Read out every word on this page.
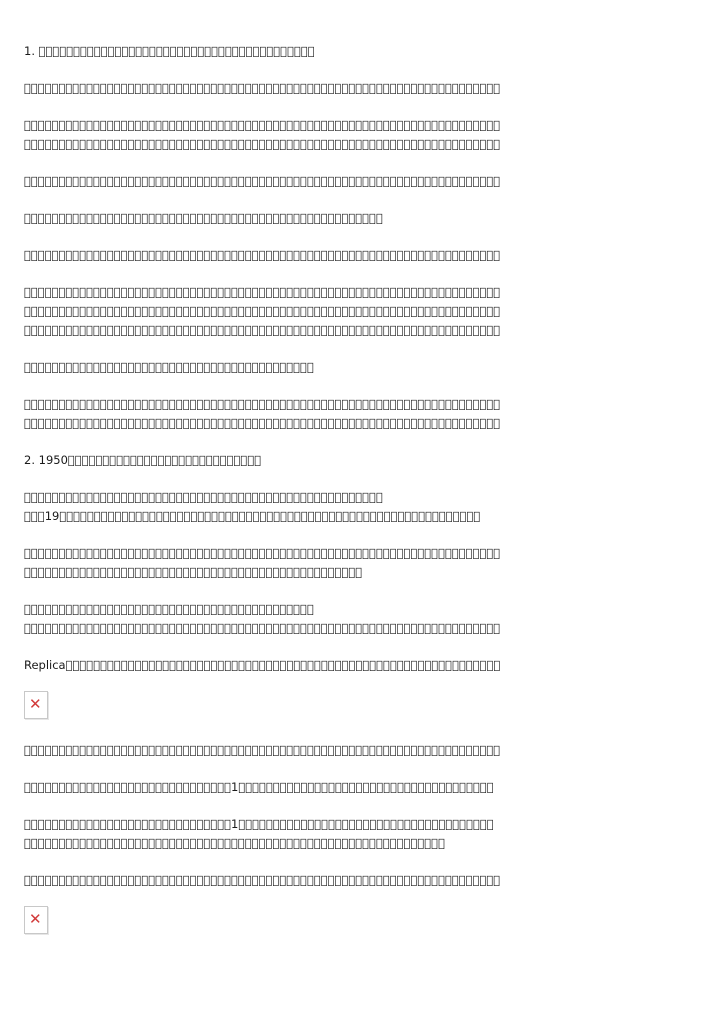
1. 􏿾􏿾􏿾􏿾􏿾􏿾􏿾􏿾􏿾􏿾􏿾􏿾􏿾􏿾􏿾􏿾􏿾􏿾􏿾􏿾􏿾􏿾􏿾􏿾􏿾􏿾􏿾􏿾􏿾􏿾􏿾􏿾􏿾􏿾􏿾􏿾􏿾􏿾􏿾􏿾
􏿾􏿾􏿾􏿾􏿾􏿾􏿾􏿾􏿾􏿾􏿾􏿾􏿾􏿾􏿾􏿾􏿾􏿾􏿾􏿾􏿾􏿾􏿾􏿾􏿾􏿾􏿾􏿾􏿾􏿾􏿾􏿾􏿾􏿾􏿾􏿾􏿾􏿾􏿾􏿾􏿾􏿾􏿾􏿾􏿾􏿾􏿾􏿾􏿾􏿾􏿾􏿾􏿾􏿾􏿾􏿾􏿾􏿾􏿾􏿾􏿾􏿾􏿾􏿾􏿾􏿾􏿾􏿾􏿾
􏿾􏿾􏿾􏿾􏿾􏿾􏿾􏿾􏿾􏿾􏿾􏿾􏿾􏿾􏿾􏿾􏿾􏿾􏿾􏿾􏿾􏿾􏿾􏿾􏿾􏿾􏿾􏿾􏿾􏿾􏿾􏿾􏿾􏿾􏿾􏿾􏿾􏿾􏿾􏿾􏿾􏿾􏿾􏿾􏿾􏿾􏿾􏿾􏿾􏿾􏿾􏿾􏿾􏿾􏿾􏿾􏿾􏿾􏿾􏿾􏿾􏿾􏿾􏿾􏿾􏿾􏿾􏿾􏿾
􏿾􏿾􏿾􏿾􏿾􏿾􏿾􏿾􏿾􏿾􏿾􏿾􏿾􏿾􏿾􏿾􏿾􏿾􏿾􏿾􏿾􏿾􏿾􏿾􏿾􏿾􏿾􏿾􏿾􏿾􏿾􏿾􏿾􏿾􏿾􏿾􏿾􏿾􏿾􏿾􏿾􏿾􏿾􏿾􏿾􏿾􏿾􏿾􏿾􏿾􏿾􏿾􏿾􏿾􏿾􏿾􏿾􏿾􏿾􏿾􏿾􏿾􏿾􏿾􏿾􏿾􏿾􏿾􏿾
􏿾􏿾􏿾􏿾􏿾􏿾􏿾􏿾􏿾􏿾􏿾􏿾􏿾􏿾􏿾􏿾􏿾􏿾􏿾􏿾􏿾􏿾􏿾􏿾􏿾􏿾􏿾􏿾􏿾􏿾􏿾􏿾􏿾􏿾􏿾􏿾􏿾􏿾􏿾􏿾􏿾􏿾􏿾􏿾􏿾􏿾􏿾􏿾􏿾􏿾􏿾􏿾􏿾􏿾􏿾􏿾􏿾􏿾􏿾􏿾􏿾􏿾􏿾􏿾􏿾􏿾􏿾􏿾􏿾
􏿾􏿾􏿾􏿾􏿾􏿾􏿾􏿾􏿾􏿾􏿾􏿾􏿾􏿾􏿾􏿾􏿾􏿾􏿾􏿾􏿾􏿾􏿾􏿾􏿾􏿾􏿾􏿾􏿾􏿾􏿾􏿾􏿾􏿾􏿾􏿾􏿾􏿾􏿾􏿾􏿾􏿾􏿾􏿾􏿾􏿾􏿾􏿾􏿾􏿾􏿾􏿾
􏿾􏿾􏿾􏿾􏿾􏿾􏿾􏿾􏿾􏿾􏿾􏿾􏿾􏿾􏿾􏿾􏿾􏿾􏿾􏿾􏿾􏿾􏿾􏿾􏿾􏿾􏿾􏿾􏿾􏿾􏿾􏿾􏿾􏿾􏿾􏿾􏿾􏿾􏿾􏿾􏿾􏿾􏿾􏿾􏿾􏿾􏿾􏿾􏿾􏿾􏿾􏿾􏿾􏿾􏿾􏿾􏿾􏿾􏿾􏿾􏿾􏿾􏿾􏿾􏿾􏿾􏿾􏿾􏿾
􏿾􏿾􏿾􏿾􏿾􏿾􏿾􏿾􏿾􏿾􏿾􏿾􏿾􏿾􏿾􏿾􏿾􏿾􏿾􏿾􏿾􏿾􏿾􏿾􏿾􏿾􏿾􏿾􏿾􏿾􏿾􏿾􏿾􏿾􏿾􏿾􏿾􏿾􏿾􏿾􏿾􏿾􏿾􏿾􏿾􏿾􏿾􏿾􏿾􏿾􏿾􏿾􏿾􏿾􏿾􏿾􏿾􏿾􏿾􏿾􏿾􏿾􏿾􏿾􏿾􏿾􏿾􏿾􏿾
􏿾􏿾􏿾􏿾􏿾􏿾􏿾􏿾􏿾􏿾􏿾􏿾􏿾􏿾􏿾􏿾􏿾􏿾􏿾􏿾􏿾􏿾􏿾􏿾􏿾􏿾􏿾􏿾􏿾􏿾􏿾􏿾􏿾􏿾􏿾􏿾􏿾􏿾􏿾􏿾􏿾􏿾􏿾􏿾􏿾􏿾􏿾􏿾􏿾􏿾􏿾􏿾􏿾􏿾􏿾􏿾􏿾􏿾􏿾􏿾􏿾􏿾􏿾􏿾􏿾􏿾􏿾􏿾􏿾
􏿾􏿾􏿾􏿾􏿾􏿾􏿾􏿾􏿾􏿾􏿾􏿾􏿾􏿾􏿾􏿾􏿾􏿾􏿾􏿾􏿾􏿾􏿾􏿾􏿾􏿾􏿾􏿾􏿾􏿾􏿾􏿾􏿾􏿾􏿾􏿾􏿾􏿾􏿾􏿾􏿾􏿾􏿾􏿾􏿾􏿾􏿾􏿾􏿾􏿾􏿾􏿾􏿾􏿾􏿾􏿾􏿾􏿾􏿾􏿾􏿾􏿾􏿾􏿾􏿾􏿾􏿾􏿾􏿾
􏿾􏿾􏿾􏿾􏿾􏿾􏿾􏿾􏿾􏿾􏿾􏿾􏿾􏿾􏿾􏿾􏿾􏿾􏿾􏿾􏿾􏿾􏿾􏿾􏿾􏿾􏿾􏿾􏿾􏿾􏿾􏿾􏿾􏿾􏿾􏿾􏿾􏿾􏿾􏿾􏿾􏿾
􏿾􏿾􏿾􏿾􏿾􏿾􏿾􏿾􏿾􏿾􏿾􏿾􏿾􏿾􏿾􏿾􏿾􏿾􏿾􏿾􏿾􏿾􏿾􏿾􏿾􏿾􏿾􏿾􏿾􏿾􏿾􏿾􏿾􏿾􏿾􏿾􏿾􏿾􏿾􏿾􏿾􏿾􏿾􏿾􏿾􏿾􏿾􏿾􏿾􏿾􏿾􏿾􏿾􏿾􏿾􏿾􏿾􏿾􏿾􏿾􏿾􏿾􏿾􏿾􏿾􏿾􏿾􏿾􏿾
􏿾􏿾􏿾􏿾􏿾􏿾􏿾􏿾􏿾􏿾􏿾􏿾􏿾􏿾􏿾􏿾􏿾􏿾􏿾􏿾􏿾􏿾􏿾􏿾􏿾􏿾􏿾􏿾􏿾􏿾􏿾􏿾􏿾􏿾􏿾􏿾􏿾􏿾􏿾􏿾􏿾􏿾􏿾􏿾􏿾􏿾􏿾􏿾􏿾􏿾􏿾􏿾􏿾􏿾􏿾􏿾􏿾􏿾􏿾􏿾􏿾􏿾􏿾􏿾􏿾􏿾􏿾􏿾􏿾
2. 1950􏿾􏿾􏿾􏿾􏿾􏿾􏿾􏿾􏿾􏿾􏿾􏿾􏿾􏿾􏿾􏿾􏿾􏿾􏿾􏿾􏿾􏿾􏿾􏿾􏿾􏿾􏿾􏿾
􏿾􏿾􏿾􏿾􏿾􏿾􏿾􏿾􏿾􏿾􏿾􏿾􏿾􏿾􏿾􏿾􏿾􏿾􏿾􏿾􏿾􏿾􏿾􏿾􏿾􏿾􏿾􏿾􏿾􏿾􏿾􏿾􏿾􏿾􏿾􏿾􏿾􏿾􏿾􏿾􏿾􏿾􏿾􏿾􏿾􏿾􏿾􏿾􏿾􏿾􏿾􏿾
􏿾􏿾􏿾19􏿾􏿾􏿾􏿾􏿾􏿾􏿾􏿾􏿾􏿾􏿾􏿾􏿾􏿾􏿾􏿾􏿾􏿾􏿾􏿾􏿾􏿾􏿾􏿾􏿾􏿾􏿾􏿾􏿾􏿾􏿾􏿾􏿾􏿾􏿾􏿾􏿾􏿾􏿾􏿾􏿾􏿾􏿾􏿾􏿾􏿾􏿾􏿾􏿾􏿾􏿾􏿾􏿾􏿾􏿾􏿾􏿾􏿾􏿾􏿾􏿾
􏿾􏿾􏿾􏿾􏿾􏿾􏿾􏿾􏿾􏿾􏿾􏿾􏿾􏿾􏿾􏿾􏿾􏿾􏿾􏿾􏿾􏿾􏿾􏿾􏿾􏿾􏿾􏿾􏿾􏿾􏿾􏿾􏿾􏿾􏿾􏿾􏿾􏿾􏿾􏿾􏿾􏿾􏿾􏿾􏿾􏿾􏿾􏿾􏿾􏿾􏿾􏿾􏿾􏿾􏿾􏿾􏿾􏿾􏿾􏿾􏿾􏿾􏿾􏿾􏿾􏿾􏿾􏿾􏿾
􏿾􏿾􏿾􏿾􏿾􏿾􏿾􏿾􏿾􏿾􏿾􏿾􏿾􏿾􏿾􏿾􏿾􏿾􏿾􏿾􏿾􏿾􏿾􏿾􏿾􏿾􏿾􏿾􏿾􏿾􏿾􏿾􏿾􏿾􏿾􏿾􏿾􏿾􏿾􏿾􏿾􏿾􏿾􏿾􏿾􏿾􏿾􏿾􏿾
􏿾􏿾􏿾􏿾􏿾􏿾􏿾􏿾􏿾􏿾􏿾􏿾􏿾􏿾􏿾􏿾􏿾􏿾􏿾􏿾􏿾􏿾􏿾􏿾􏿾􏿾􏿾􏿾􏿾􏿾􏿾􏿾􏿾􏿾􏿾􏿾􏿾􏿾􏿾􏿾􏿾􏿾
􏿾􏿾􏿾􏿾􏿾􏿾􏿾􏿾􏿾􏿾􏿾􏿾􏿾􏿾􏿾􏿾􏿾􏿾􏿾􏿾􏿾􏿾􏿾􏿾􏿾􏿾􏿾􏿾􏿾􏿾􏿾􏿾􏿾􏿾􏿾􏿾􏿾􏿾􏿾􏿾􏿾􏿾􏿾􏿾􏿾􏿾􏿾􏿾􏿾􏿾􏿾􏿾􏿾􏿾􏿾􏿾􏿾􏿾􏿾􏿾􏿾􏿾􏿾􏿾􏿾􏿾􏿾􏿾􏿾
Replica􏿾􏿾􏿾􏿾􏿾􏿾􏿾􏿾􏿾􏿾􏿾􏿾􏿾􏿾􏿾􏿾􏿾􏿾􏿾􏿾􏿾􏿾􏿾􏿾􏿾􏿾􏿾􏿾􏿾􏿾􏿾􏿾􏿾􏿾􏿾􏿾􏿾􏿾􏿾􏿾􏿾􏿾􏿾􏿾􏿾􏿾􏿾􏿾􏿾􏿾􏿾􏿾􏿾􏿾􏿾􏿾􏿾􏿾􏿾􏿾􏿾􏿾􏿾
✕
􏿾􏿾􏿾􏿾􏿾􏿾􏿾􏿾􏿾􏿾􏿾􏿾􏿾􏿾􏿾􏿾􏿾􏿾􏿾􏿾􏿾􏿾􏿾􏿾􏿾􏿾􏿾􏿾􏿾􏿾􏿾􏿾􏿾􏿾􏿾􏿾􏿾􏿾􏿾􏿾􏿾􏿾􏿾􏿾􏿾􏿾􏿾􏿾􏿾􏿾􏿾􏿾􏿾􏿾􏿾􏿾􏿾􏿾􏿾􏿾􏿾􏿾􏿾􏿾􏿾􏿾􏿾􏿾􏿾
􏿾􏿾􏿾􏿾􏿾􏿾􏿾􏿾􏿾􏿾􏿾􏿾􏿾􏿾􏿾􏿾􏿾􏿾􏿾􏿾􏿾􏿾􏿾􏿾􏿾􏿾􏿾􏿾􏿾􏿾1􏿾􏿾􏿾􏿾􏿾􏿾􏿾􏿾􏿾􏿾􏿾􏿾􏿾􏿾􏿾􏿾􏿾􏿾􏿾􏿾􏿾􏿾􏿾􏿾􏿾􏿾􏿾􏿾􏿾􏿾􏿾􏿾􏿾􏿾􏿾􏿾􏿾
􏿾􏿾􏿾􏿾􏿾􏿾􏿾􏿾􏿾􏿾􏿾􏿾􏿾􏿾􏿾􏿾􏿾􏿾􏿾􏿾􏿾􏿾􏿾􏿾􏿾􏿾􏿾􏿾􏿾􏿾1􏿾􏿾􏿾􏿾􏿾􏿾􏿾􏿾􏿾􏿾􏿾􏿾􏿾􏿾􏿾􏿾􏿾􏿾􏿾􏿾􏿾􏿾􏿾􏿾􏿾􏿾􏿾􏿾􏿾􏿾􏿾􏿾􏿾􏿾􏿾􏿾􏿾
􏿾􏿾􏿾􏿾􏿾􏿾􏿾􏿾􏿾􏿾􏿾􏿾􏿾􏿾􏿾􏿾􏿾􏿾􏿾􏿾􏿾􏿾􏿾􏿾􏿾􏿾􏿾􏿾􏿾􏿾􏿾􏿾􏿾􏿾􏿾􏿾􏿾􏿾􏿾􏿾􏿾􏿾􏿾􏿾􏿾􏿾􏿾􏿾􏿾􏿾􏿾􏿾􏿾􏿾􏿾􏿾􏿾􏿾􏿾􏿾􏿾
􏿾􏿾􏿾􏿾􏿾􏿾􏿾􏿾􏿾􏿾􏿾􏿾􏿾􏿾􏿾􏿾􏿾􏿾􏿾􏿾􏿾􏿾􏿾􏿾􏿾􏿾􏿾􏿾􏿾􏿾􏿾􏿾􏿾􏿾􏿾􏿾􏿾􏿾􏿾􏿾􏿾􏿾􏿾􏿾􏿾􏿾􏿾􏿾􏿾􏿾􏿾􏿾􏿾􏿾􏿾􏿾􏿾􏿾􏿾􏿾􏿾􏿾􏿾􏿾􏿾􏿾􏿾􏿾􏿾
✕
